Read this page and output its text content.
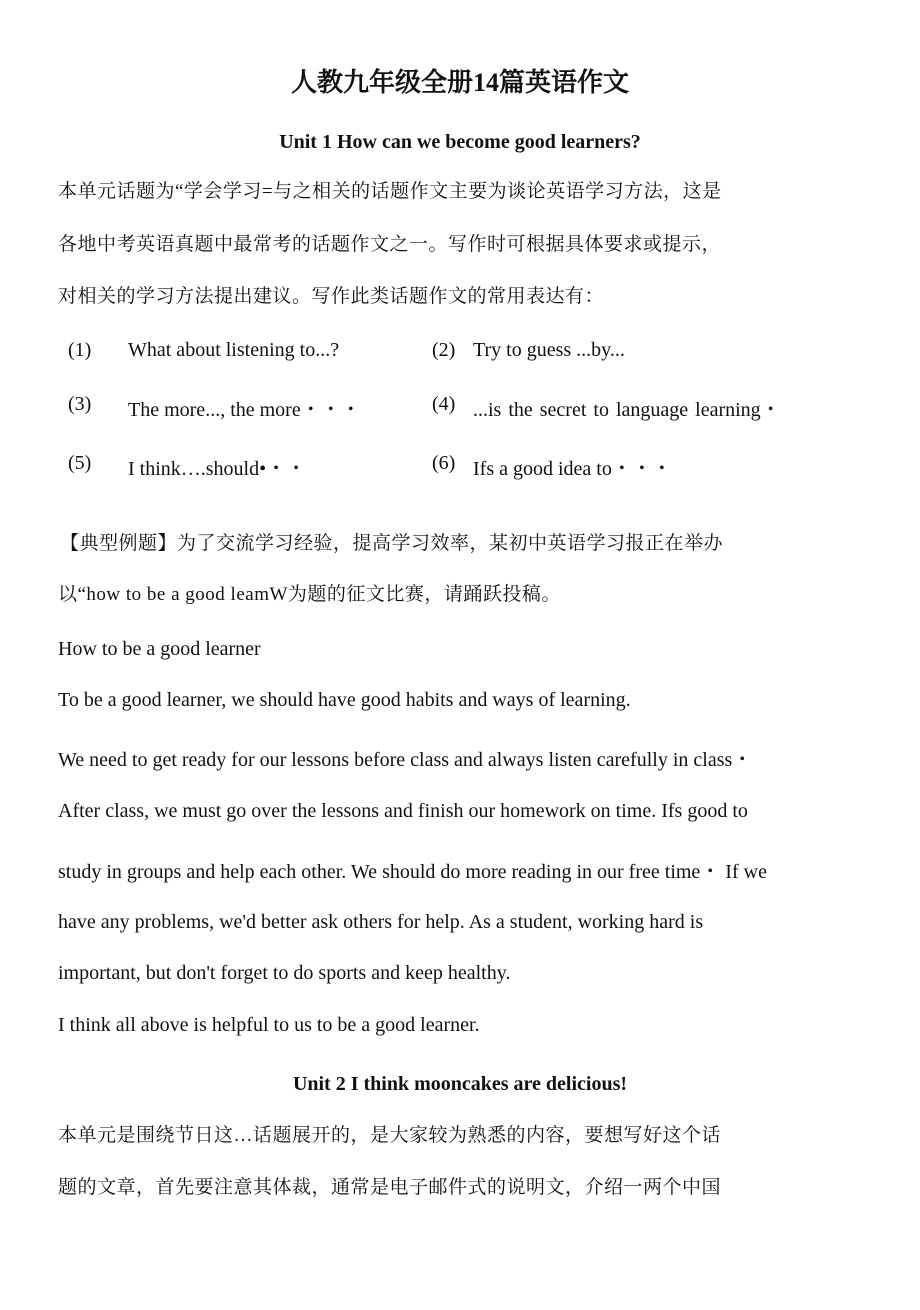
人教九年级全册14篇英语作文
Unit 1 How can we become good learners?
本单元话题为“学会学习=与之相关的话题作文主要为谈论英语学习方法，这是
各地中考英语真题中最常考的话题作文之一。写作时可根据具体要求或提示，
对相关的学习方法提出建议。写作此类话题作文的常用表达有：
(1) What about listening to...?	(2) Try to guess ...by...
(3) The more..., the more・・・	(4) ...is the secret to language learning・
(5) I think….should•・・	(6) Ifs a good idea to・・・
【典型例题】为了交流学习经验，提高学习效率，某初中英语学习报正在举办
以“how to be a good leamW为题的征文比赛，请踊跃投稿。
How to be a good learner
To be a good learner, we should have good habits and ways of learning.
We need to get ready for our lessons before class and always listen carefully in class・
After class, we must go over the lessons and finish our homework on time. Ifs good to
study in groups and help each other. We should do more reading in our free time・ If we
have any problems, we'd better ask others for help. As a student, working hard is
important, but don't forget to do sports and keep healthy.
I think all above is helpful to us to be a good learner.
Unit 2 I think mooncakes are delicious!
本单元是围绕节日这…话题展开的，是大家较为熟悉的内容，要想写好这个话
题的文章，首先要注意其体裁，通常是电子邮件式的说明文，介绍一两个中国
